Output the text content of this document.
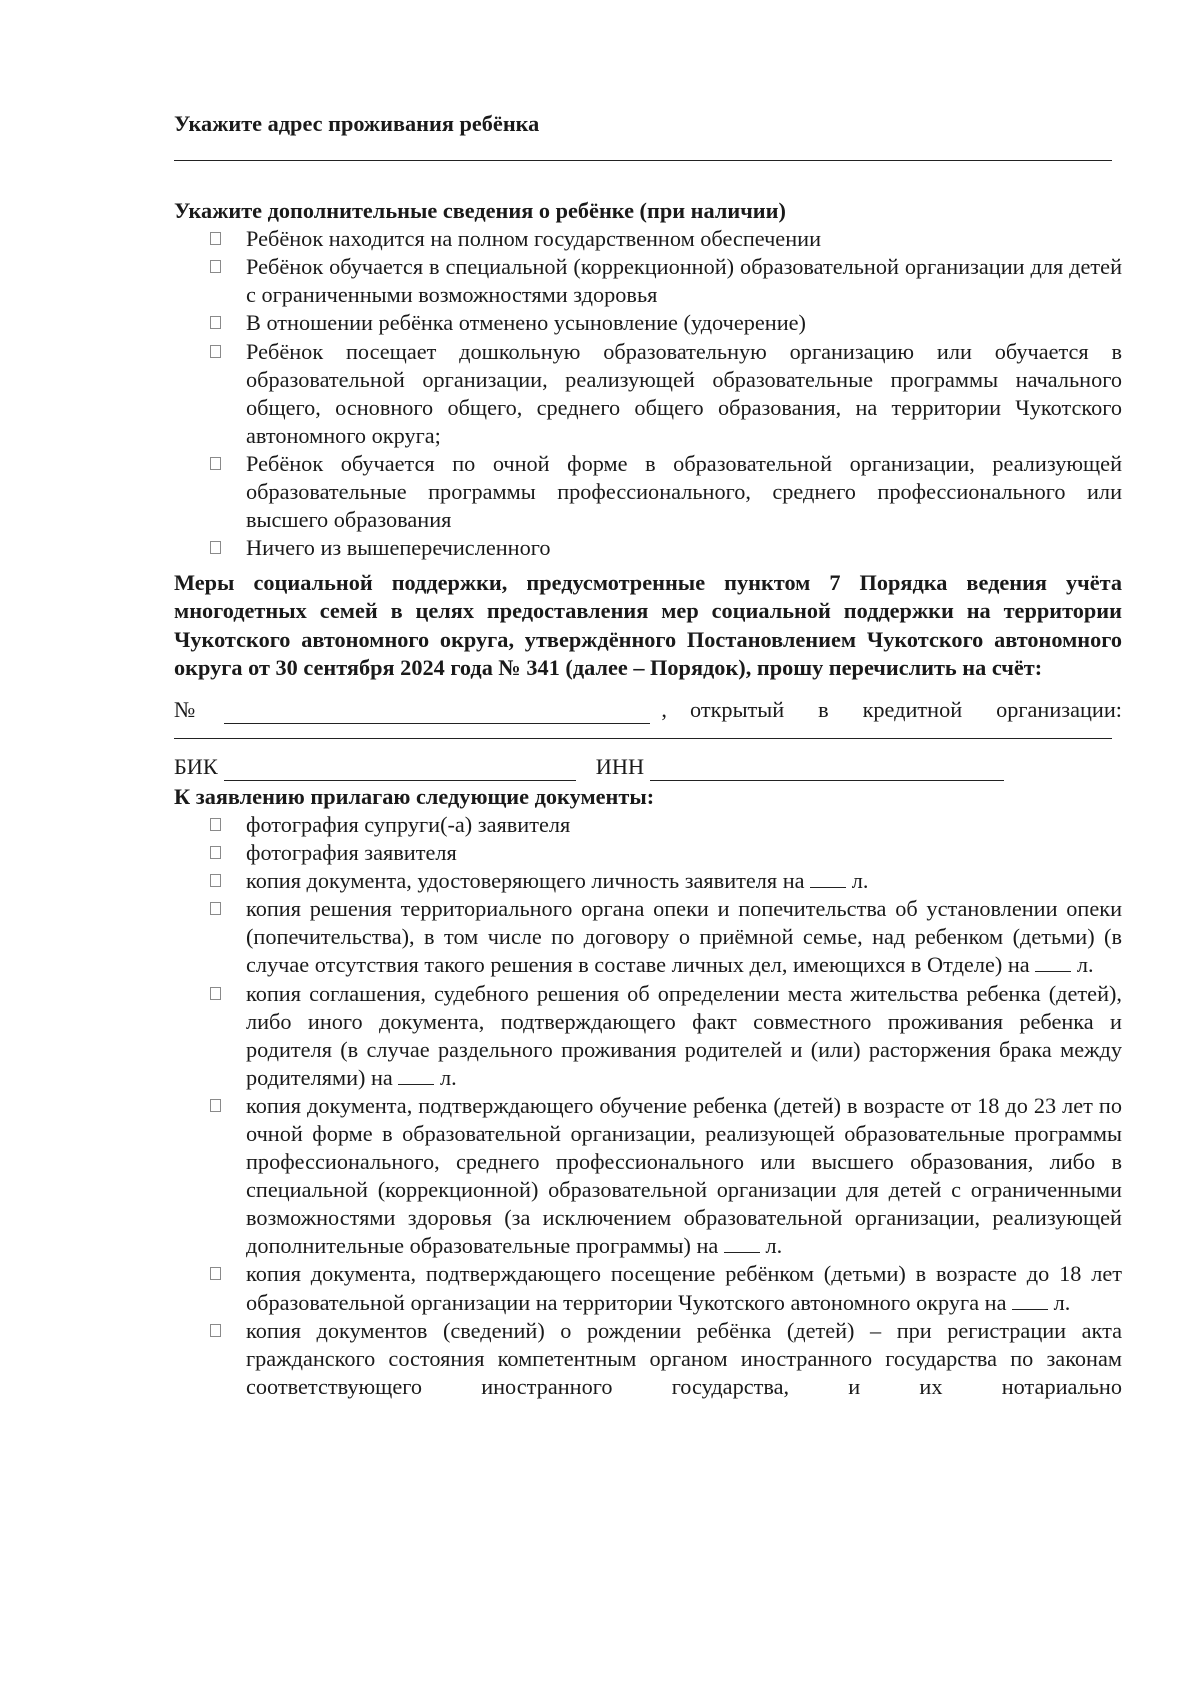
Укажите адрес проживания ребёнка
Укажите дополнительные сведения о ребёнке (при наличии)
Ребёнок находится на полном государственном обеспечении
Ребёнок обучается в специальной (коррекционной) образовательной организации для детей с ограниченными возможностями здоровья
В отношении ребёнка отменено усыновление (удочерение)
Ребёнок посещает дошкольную образовательную организацию или обучается в образовательной организации, реализующей образовательные программы начального общего, основного общего, среднего общего образования, на территории Чукотского автономного округа;
Ребёнок обучается по очной форме в образовательной организации, реализующей образовательные программы профессионального, среднего профессионального или высшего образования
Ничего из вышеперечисленного
Меры социальной поддержки, предусмотренные пунктом 7 Порядка ведения учёта многодетных семей в целях предоставления мер социальной поддержки на территории Чукотского автономного округа, утверждённого Постановлением Чукотского автономного округа от 30 сентября 2024 года № 341 (далее – Порядок), прошу перечислить на счёт:
№	, открытый в кредитной организации:
БИК	ИНН
К заявлению прилагаю следующие документы:
фотография супруги(-а) заявителя
фотография заявителя
копия документа, удостоверяющего личность заявителя на л.
копия решения территориального органа опеки и попечительства об установлении опеки (попечительства), в том числе по договору о приёмной семье, над ребенком (детьми) (в случае отсутствия такого решения в составе личных дел, имеющихся в Отделе) на л.
копия соглашения, судебного решения об определении места жительства ребенка (детей), либо иного документа, подтверждающего факт совместного проживания ребенка и родителя (в случае раздельного проживания родителей и (или) расторжения брака между родителями) на л.
копия документа, подтверждающего обучение ребенка (детей) в возрасте от 18 до 23 лет по очной форме в образовательной организации, реализующей образовательные программы профессионального, среднего профессионального или высшего образования, либо в специальной (коррекционной) образовательной организации для детей с ограниченными возможностями здоровья (за исключением образовательной организации, реализующей дополнительные образовательные программы) на л.
копия документа, подтверждающего посещение ребёнком (детьми) в возрасте до 18 лет образовательной организации на территории Чукотского автономного округа на л.
копия документов (сведений) о рождении ребёнка (детей) – при регистрации акта гражданского состояния компетентным органом иностранного государства по законам соответствующего иностранного государства, и их нотариально
